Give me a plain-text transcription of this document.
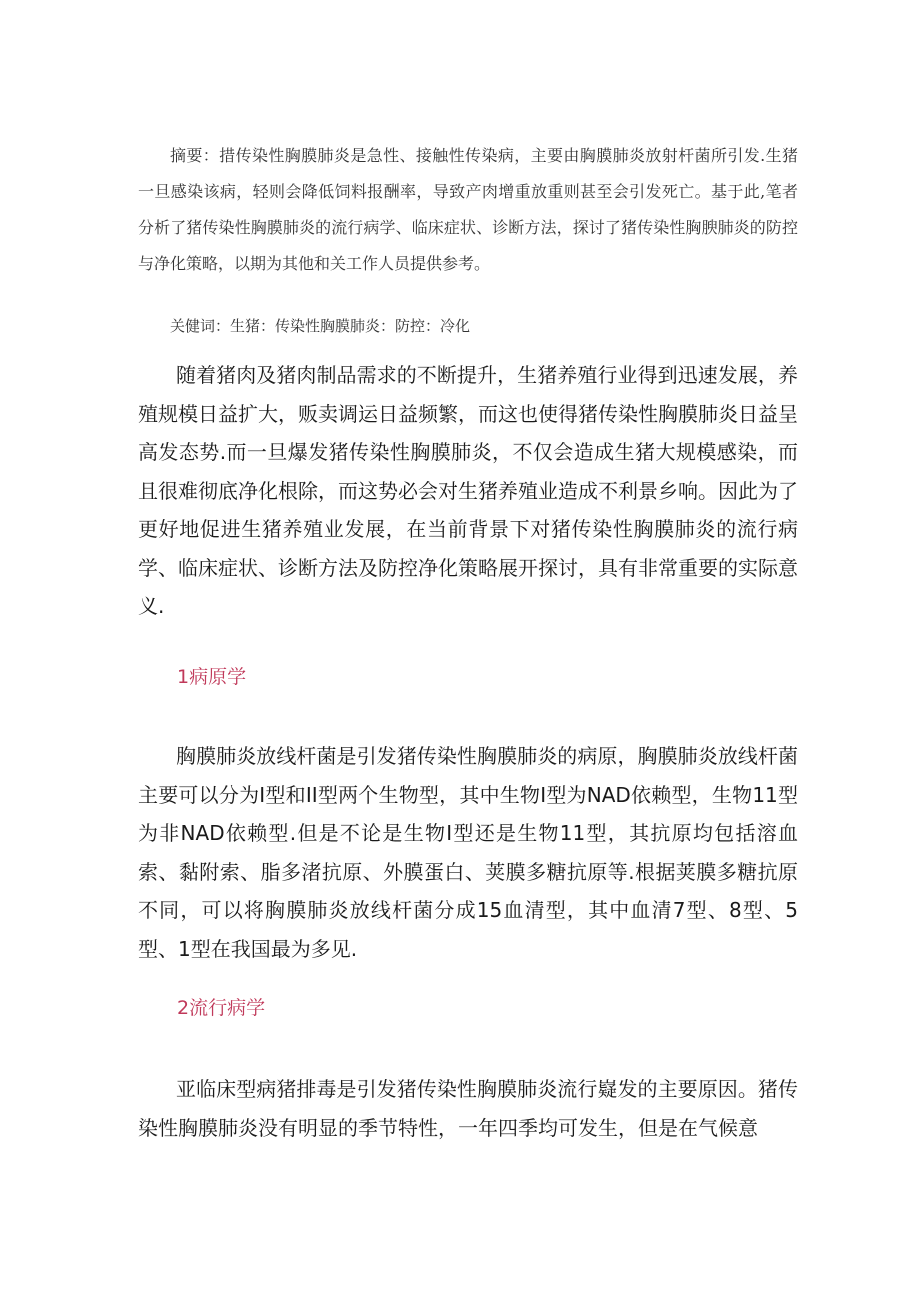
摘要：措传染性胸膜肺炎是急性、接触性传染病，主要由胸膜肺炎放射杆菌所引发.生猪一旦感染该病，轻则会降低饲料报酬率，导致产肉增重放重则甚至会引发死亡。基于此,笔者分析了猪传染性胸膜肺炎的流行病学、临床症状、诊断方法，探讨了猪传染性胸腴肺炎的防控与净化策略，以期为其他和关工作人员提供参考。

关健词：生猪：传染性胸膜肺炎：防控：冷化

随着猪肉及猪肉制品需求的不断提升，生猪养殖行业得到迅速发展，养殖规模日益扩大，贩卖调运日益频繁，而这也使得猪传染性胸膜肺炎日益呈高发态势.而一旦爆发猪传染性胸膜肺炎，不仅会造成生猪大规模感染，而且很难彻底净化根除，而这势必会对生猪养殖业造成不利景乡响。因此为了更好地促进生猪养殖业发展，在当前背景下对猪传染性胸膜肺炎的流行病学、临床症状、诊断方法及防控净化策略展开探讨，具有非常重要的实际意义.

1病原学

胸膜肺炎放线杆菌是引发猪传染性胸膜肺炎的病原，胸膜肺炎放线杆菌主要可以分为I型和II型两个生物型，其中生物I型为NAD依赖型，生物11型为非NAD依赖型.但是不论是生物I型还是生物11型，其抗原均包括溶血索、黏附索、脂多渚抗原、外膜蛋白、荚膜多糖抗原等.根据荚膜多糖抗原不同，可以将胸膜肺炎放线杆菌分成15血清型，其中血清7型、8型、5型、1型在我国最为多见.

2流行病学

亚临床型病猪排毒是引发猪传染性胸膜肺炎流行嶷发的主要原因。猪传染性胸膜肺炎没有明显的季节特性，一年四季均可发生，但是在气候意
